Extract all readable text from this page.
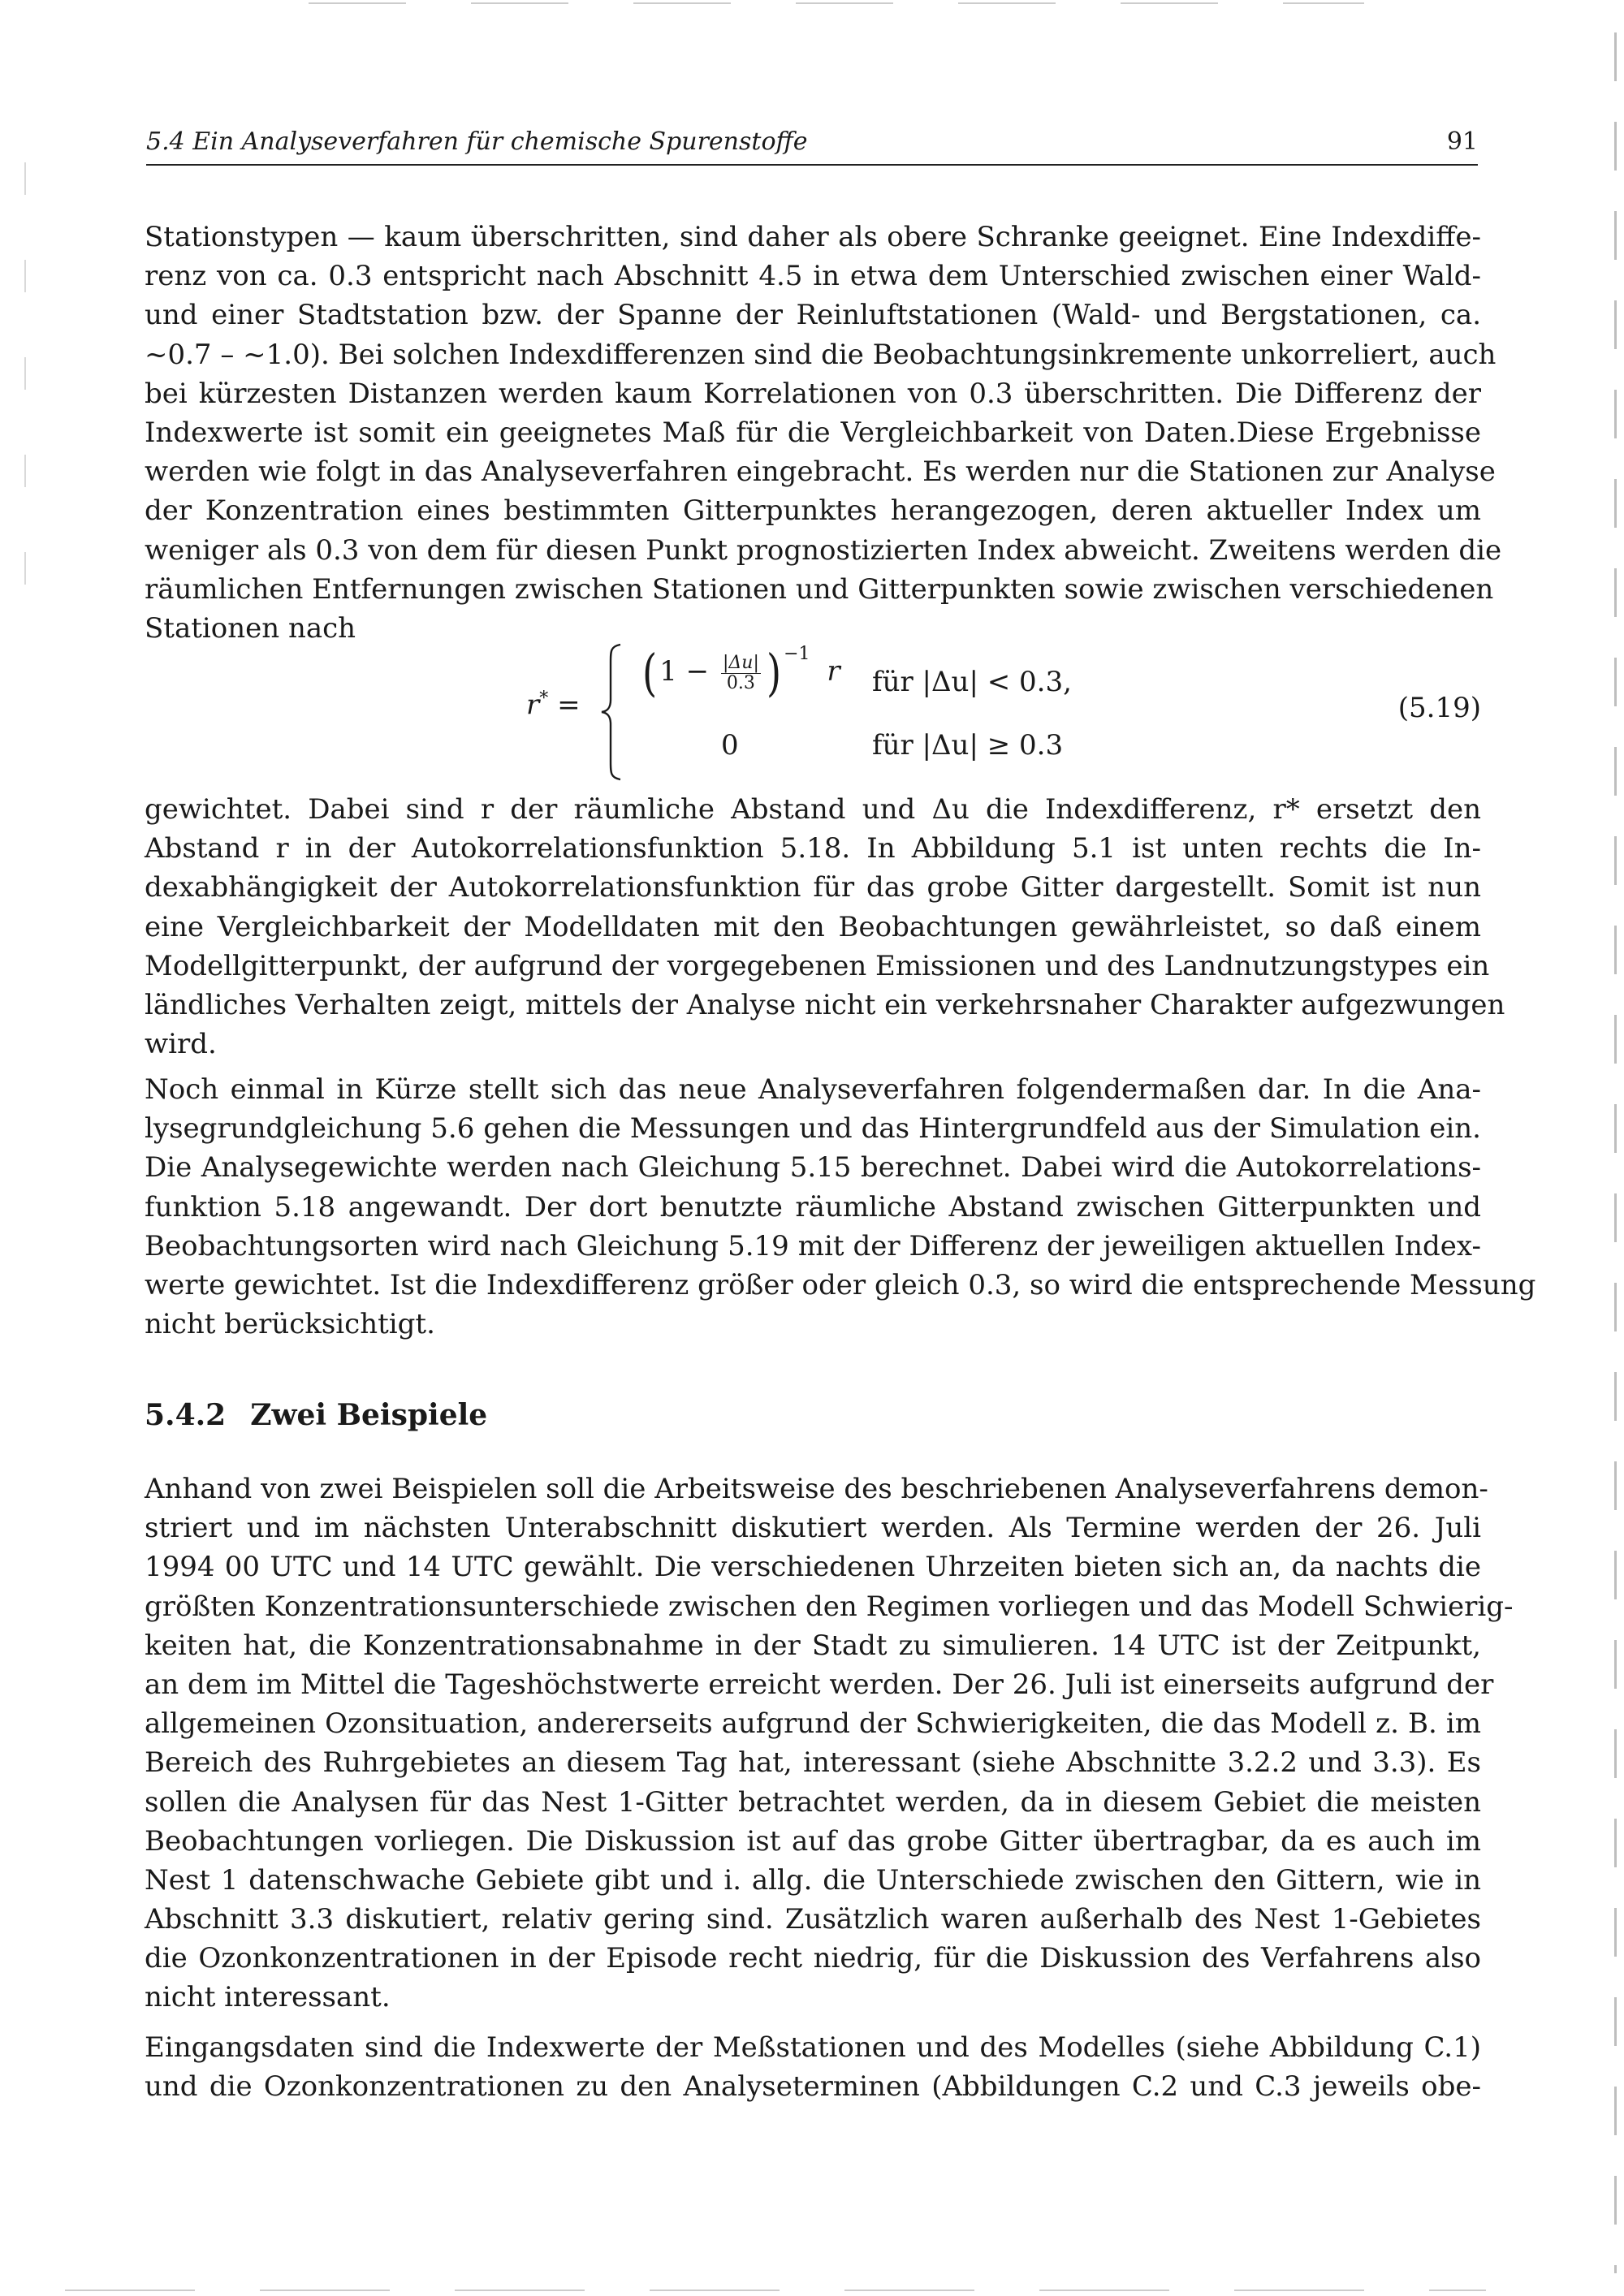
5.4 Ein Analyseverfahren für chemische Spurenstoffe	91
Stationstypen — kaum überschritten, sind daher als obere Schranke geeignet. Eine Indexdiffe-
renz von ca. 0.3 entspricht nach Abschnitt 4.5 in etwa dem Unterschied zwischen einer Wald-
und einer Stadtstation bzw. der Spanne der Reinluftstationen (Wald- und Bergstationen, ca.
~0.7 – ~1.0). Bei solchen Indexdifferenzen sind die Beobachtungsinkremente unkorreliert, auch
bei kürzesten Distanzen werden kaum Korrelationen von 0.3 überschritten. Die Differenz der
Indexwerte ist somit ein geeignetes Maß für die Vergleichbarkeit von Daten.Diese Ergebnisse
werden wie folgt in das Analyseverfahren eingebracht. Es werden nur die Stationen zur Analyse
der Konzentration eines bestimmten Gitterpunktes herangezogen, deren aktueller Index um
weniger als 0.3 von dem für diesen Punkt prognostizierten Index abweicht. Zweitens werden die
räumlichen Entfernungen zwischen Stationen und Gitterpunkten sowie zwischen verschiedenen
Stationen nach
r* =
($1 - \frac{|\Delta u|}{0.3}$ ) $^{-1}$ r für |Δu| < 0.3,
0	für |Δu| ≥ 0.3
(5.19)
gewichtet. Dabei sind r der räumliche Abstand und Δu die Indexdifferenz, r* ersetzt den
Abstand r in der Autokorrelationsfunktion 5.18. In Abbildung 5.1 ist unten rechts die In-
dexabhängigkeit der Autokorrelationsfunktion für das grobe Gitter dargestellt. Somit ist nun
eine Vergleichbarkeit der Modelldaten mit den Beobachtungen gewährleistet, so daß einem
Modellgitterpunkt, der aufgrund der vorgegebenen Emissionen und des Landnutzungstypes ein
ländliches Verhalten zeigt, mittels der Analyse nicht ein verkehrsnaher Charakter aufgezwungen
wird.
Noch einmal in Kürze stellt sich das neue Analyseverfahren folgendermaßen dar. In die Ana-
lysegrundgleichung 5.6 gehen die Messungen und das Hintergrundfeld aus der Simulation ein.
Die Analysegewichte werden nach Gleichung 5.15 berechnet. Dabei wird die Autokorrelations-
funktion 5.18 angewandt. Der dort benutzte räumliche Abstand zwischen Gitterpunkten und
Beobachtungsorten wird nach Gleichung 5.19 mit der Differenz der jeweiligen aktuellen Index-
werte gewichtet. Ist die Indexdifferenz größer oder gleich 0.3, so wird die entsprechende Messung
nicht berücksichtigt.
5.4.2 Zwei Beispiele
Anhand von zwei Beispielen soll die Arbeitsweise des beschriebenen Analyseverfahrens demon-
striert und im nächsten Unterabschnitt diskutiert werden. Als Termine werden der 26. Juli
1994 00 UTC und 14 UTC gewählt. Die verschiedenen Uhrzeiten bieten sich an, da nachts die
größten Konzentrationsunterschiede zwischen den Regimen vorliegen und das Modell Schwierig-
keiten hat, die Konzentrationsabnahme in der Stadt zu simulieren. 14 UTC ist der Zeitpunkt,
an dem im Mittel die Tageshöchstwerte erreicht werden. Der 26. Juli ist einerseits aufgrund der
allgemeinen Ozonsituation, andererseits aufgrund der Schwierigkeiten, die das Modell z. B. im
Bereich des Ruhrgebietes an diesem Tag hat, interessant (siehe Abschnitte 3.2.2 und 3.3). Es
sollen die Analysen für das Nest 1-Gitter betrachtet werden, da in diesem Gebiet die meisten
Beobachtungen vorliegen. Die Diskussion ist auf das grobe Gitter übertragbar, da es auch im
Nest 1 datenschwache Gebiete gibt und i. allg. die Unterschiede zwischen den Gittern, wie in
Abschnitt 3.3 diskutiert, relativ gering sind. Zusätzlich waren außerhalb des Nest 1-Gebietes
die Ozonkonzentrationen in der Episode recht niedrig, für die Diskussion des Verfahrens also
nicht interessant.
Eingangsdaten sind die Indexwerte der Meßstationen und des Modelles (siehe Abbildung C.1)
und die Ozonkonzentrationen zu den Analyseterminen (Abbildungen C.2 und C.3 jeweils obe-
